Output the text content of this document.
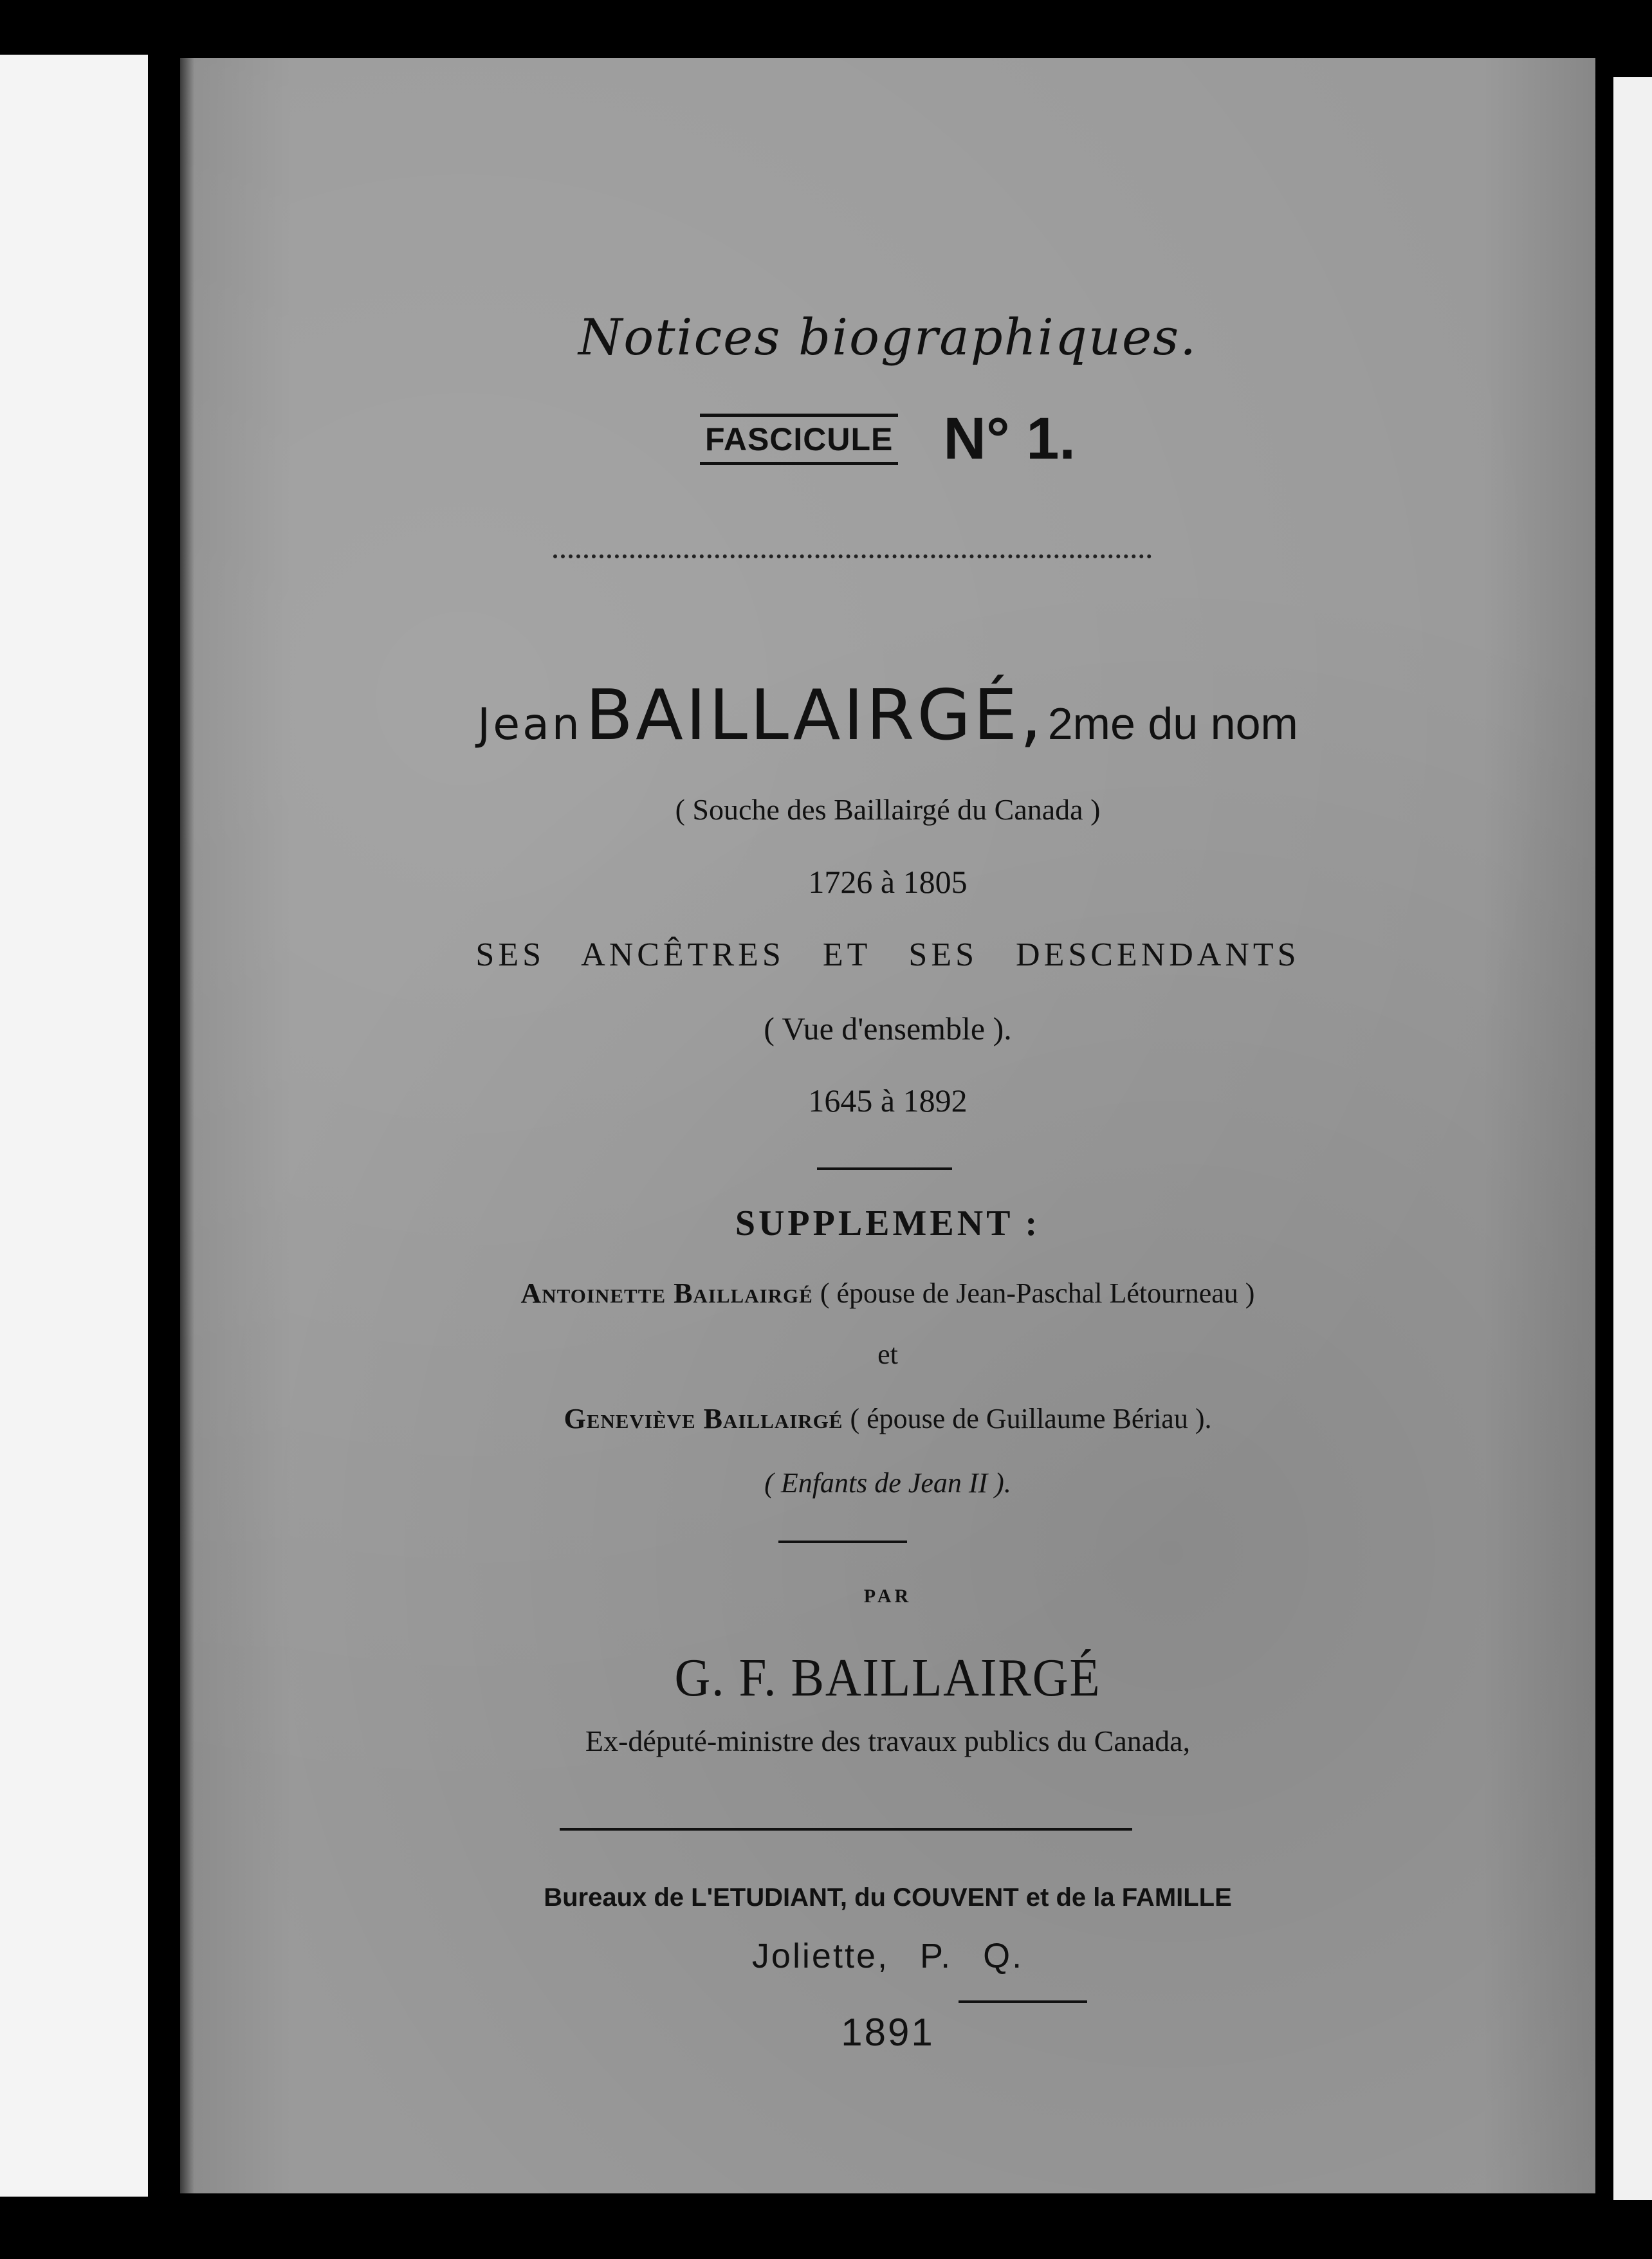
Notices biographiques.
FASCICULE N° 1.
Jean BAILLAIRGÉ, 2me du nom
( Souche des Baillairgé du Canada )
1726 à 1805
SES ANCÊTRES ET SES DESCENDANTS
( Vue d'ensemble ).
1645 à 1892
SUPPLEMENT :
Antoinette Baillairgé ( épouse de Jean-Paschal Létourneau )
et
Geneviève Baillairgé ( épouse de Guillaume Bériau ).
( Enfants de Jean II ).
PAR
G. F. BAILLAIRGÉ
Ex-député-ministre des travaux publics du Canada,
Bureaux de L'ETUDIANT, du COUVENT et de la FAMILLE
Joliette, P. Q.
1891
